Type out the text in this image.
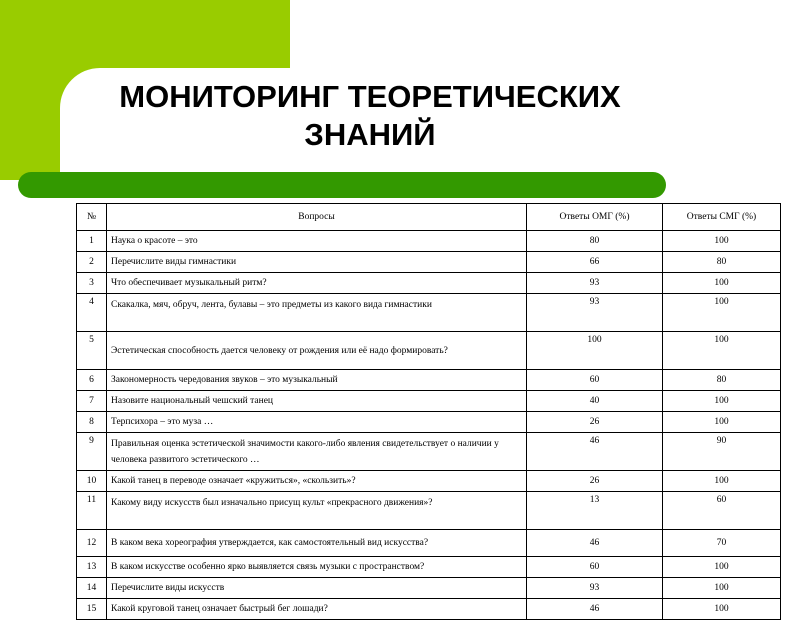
МОНИТОРИНГ ТЕОРЕТИЧЕСКИХ
ЗНАНИЙ
№	Вопросы	Ответы ОМГ (%)	Ответы СМГ (%)
1	Наука о красоте – это	80	100
2	Перечислите виды гимнастики	66	80
3	Что обеспечивает музыкальный ритм?	93	100
4	Скакалка, мяч, обруч, лента, булавы – это предметы из какого вида гимнастики	93	100
5	Эстетическая способность дается человеку от рождения или её надо формировать?	100	100
6	Закономерность чередования звуков – это музыкальный	60	80
7	Назовите национальный чешский танец	40	100
8	Терпсихора – это муза …	26	100
9	Правильная оценка эстетической значимости какого-либо явления свидетельствует о наличии у человека развитого эстетического …	46	90
10	Какой танец в переводе означает «кружиться», «скользить»?	26	100
11	Какому виду искусств был изначально присущ культ «прекрасного движения»?	13	60
12	В каком века хореография утверждается, как самостоятельный вид искусства?	46	70
13	В каком искусстве особенно ярко выявляется связь музыки с пространством?	60	100
14	Перечислите виды искусств	93	100
15	Какой круговой танец означает быстрый бег лошади?	46	100
